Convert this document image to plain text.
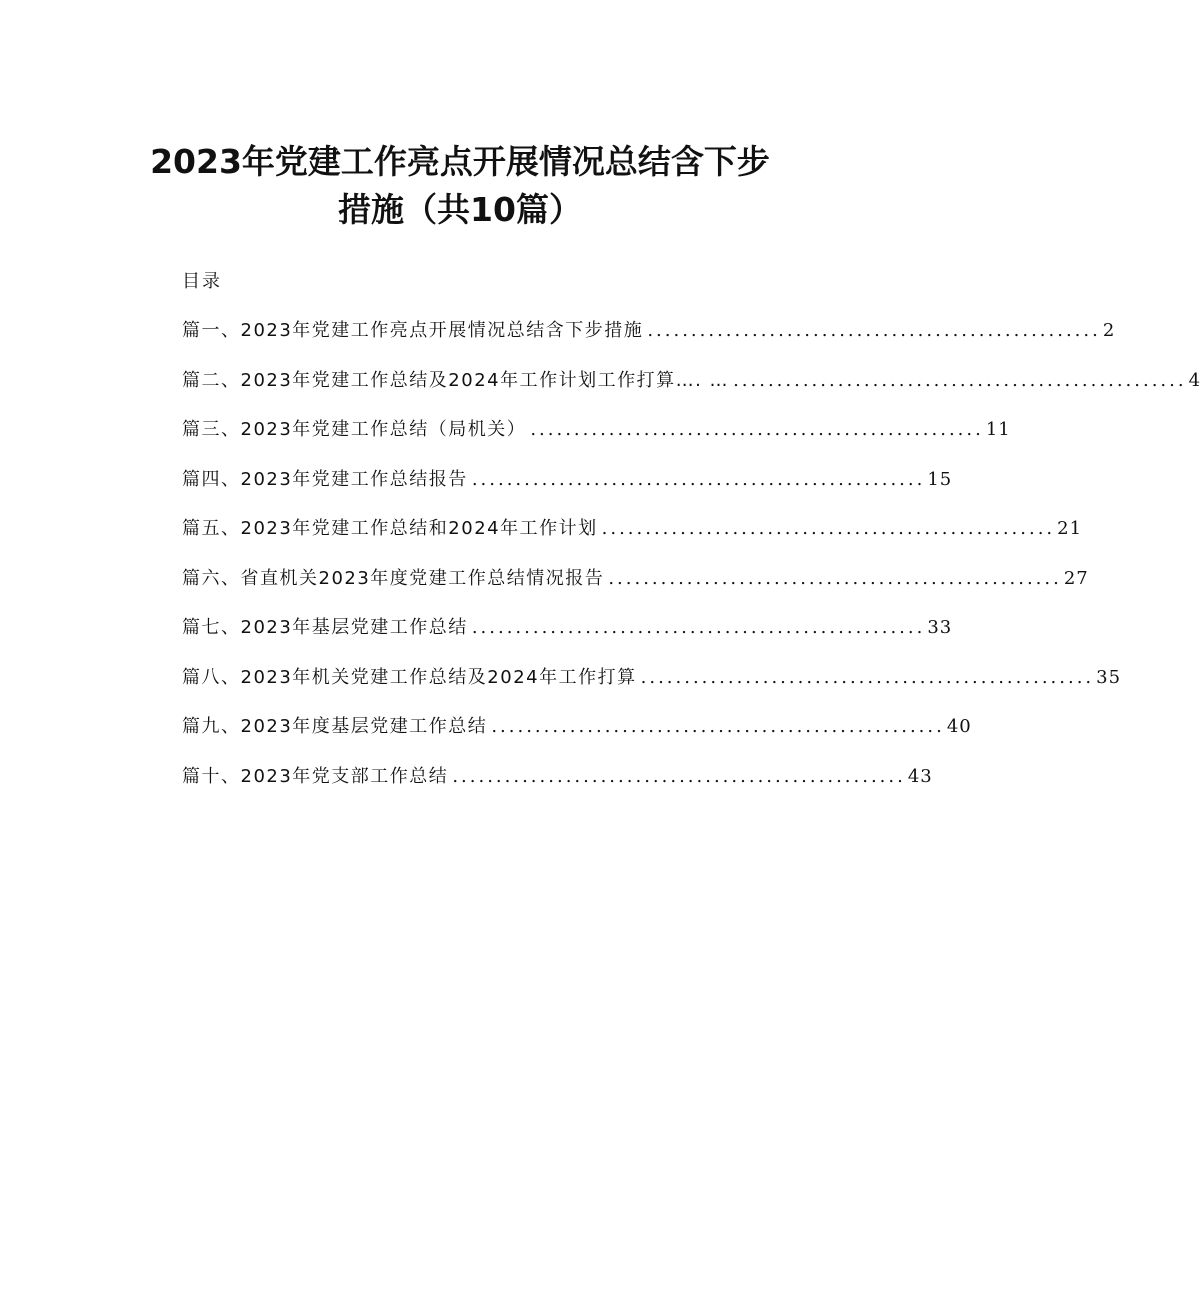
2023年党建工作亮点开展情况总结含下步
措施（共10篇）
目录
篇一、2023年党建工作亮点开展情况总结含下步措施 .................................................... 2
篇二、2023年党建工作总结及2024年工作计划工作打算…. … .................................................... 4
篇三、2023年党建工作总结（局机关） .................................................... 11
篇四、2023年党建工作总结报告 .................................................... 15
篇五、2023年党建工作总结和2024年工作计划 .................................................... 21
篇六、省直机关2023年度党建工作总结情况报告 .................................................... 27
篇七、2023年基层党建工作总结 .................................................... 33
篇八、2023年机关党建工作总结及2024年工作打算 .................................................... 35
篇九、2023年度基层党建工作总结 .................................................... 40
篇十、2023年党支部工作总结 .................................................... 43
